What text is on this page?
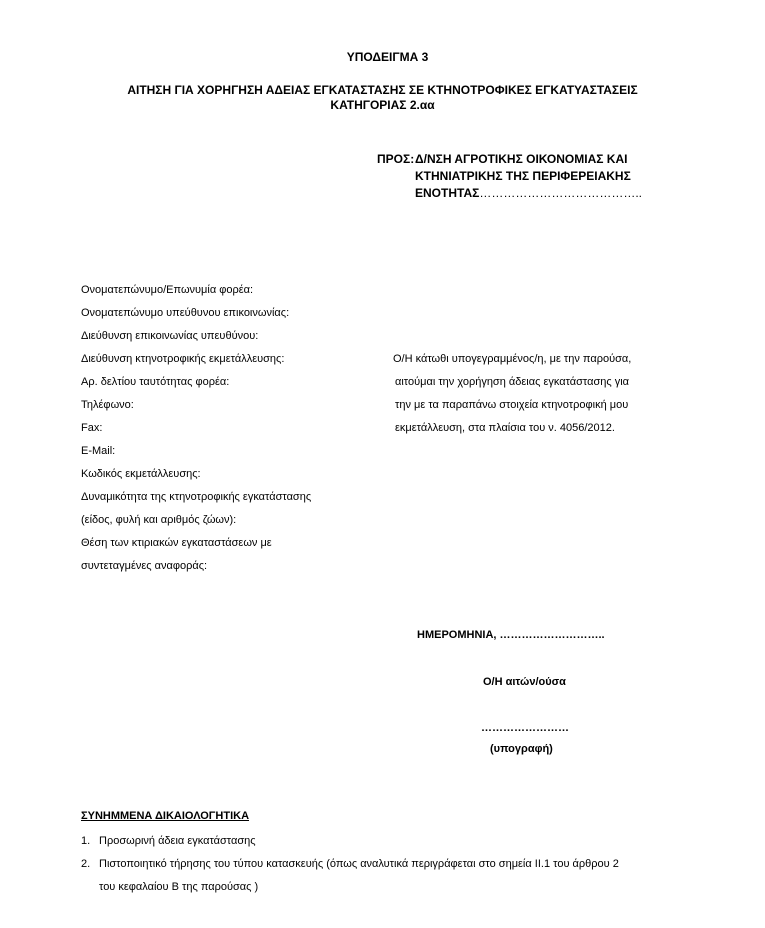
ΥΠΟΔΕΙΓΜΑ 3
ΑΙΤΗΣΗ ΓΙΑ ΧΟΡΗΓΗΣΗ ΑΔΕΙΑΣ ΕΓΚΑΤΑΣΤΑΣΗΣ ΣΕ ΚΤΗΝΟΤΡΟΦΙΚΕΣ ΕΓΚΑΤΥΑΣΤΑΣΕΙΣ
ΚΑΤΗΓΟΡΙΑΣ 2.αα
ΠΡΟΣ: Δ/ΝΣΗ ΑΓΡΟΤΙΚΗΣ ΟΙΚΟΝΟΜΙΑΣ ΚΑΙ
ΚΤΗΝΙΑΤΡΙΚΗΣ ΤΗΣ ΠΕΡΙΦΕΡΕΙΑΚΗΣ
ΕΝΟΤΗΤΑΣ…………………………………..
Ονοματεπώνυμο/Επωνυμία φορέα:
Ονοματεπώνυμο υπεύθυνου επικοινωνίας:
Διεύθυνση επικοινωνίας υπευθύνου:
Διεύθυνση κτηνοτροφικής εκμετάλλευσης:
Αρ. δελτίου ταυτότητας φορέα:
Τηλέφωνο:
Fax:
E-Mail:
Κωδικός εκμετάλλευσης:
Δυναμικότητα της κτηνοτροφικής εγκατάστασης
(είδος, φυλή και αριθμός ζώων):
Θέση των κτιριακών εγκαταστάσεων με
συντεταγμένες αναφοράς:
Ο/Η κάτωθι υπογεγραμμένος/η, με την παρούσα,
αιτούμαι την χορήγηση άδειας εγκατάστασης για
την με τα παραπάνω στοιχεία κτηνοτροφική μου
εκμετάλλευση, στα πλαίσια του ν. 4056/2012.
ΗΜΕΡΟΜΗΝΙΑ, ………………………..
Ο/Η αιτών/ούσα
……………………
(υπογραφή)
ΣΥΝΗΜΜΕΝΑ ΔΙΚΑΙΟΛΟΓΗΤΙΚΑ
1. Προσωρινή άδεια εγκατάστασης
2. Πιστοποιητικό τήρησης του τύπου κατασκευής (όπως αναλυτικά περιγράφεται στο σημεία ΙΙ.1 του άρθρου 2
του κεφαλαίου Β της παρούσας )
